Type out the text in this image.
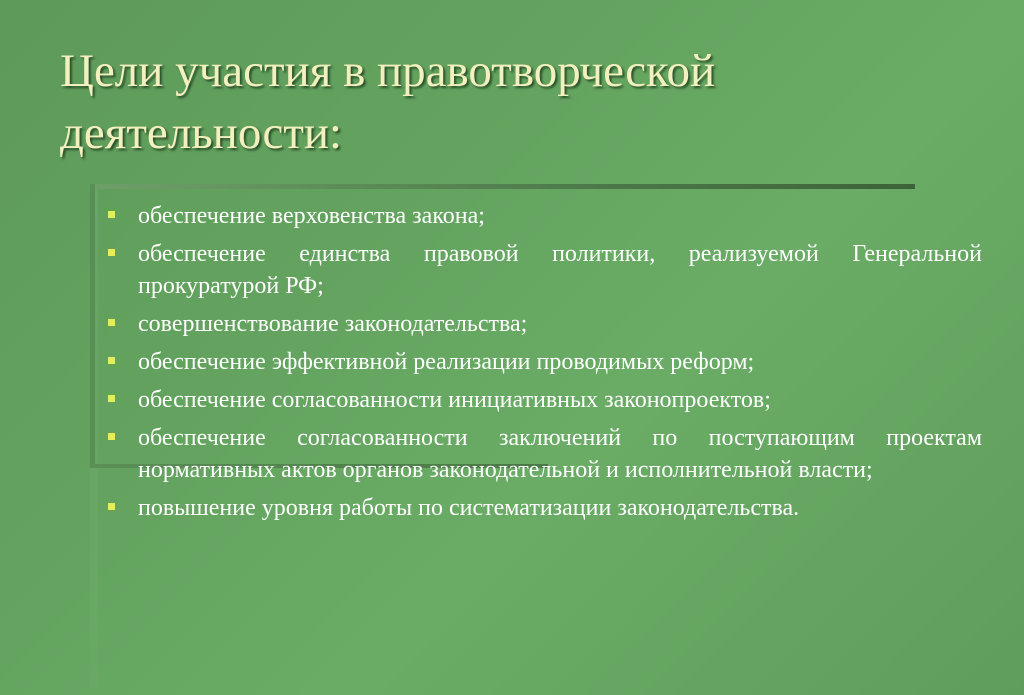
Цели участия в правотворческой деятельности:
обеспечение верховенства закона;
обеспечение единства правовой политики, реализуемой Генеральной прокуратурой РФ;
совершенствование законодательства;
обеспечение эффективной реализации проводимых реформ;
обеспечение согласованности инициативных законопроектов;
обеспечение согласованности заключений по поступающим проектам нормативных актов органов законодательной и исполнительной власти;
повышение уровня работы по систематизации законодательства.
